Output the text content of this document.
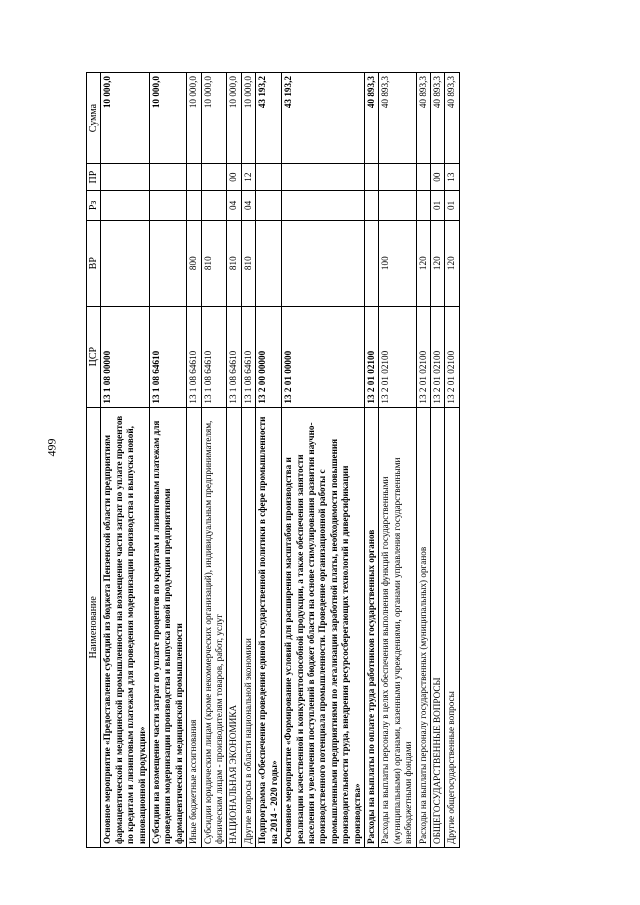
499
Наименование	ЦСР	ВР	Рз	ПР	Сумма
Основное мероприятие «Предоставление субсидий из бюджета Пензенской области предприятиям фармацевтической и медицинской промышленности на возмещение части затрат по уплате процентов по кредитам и лизинговым платежам для проведения модернизации производства и выпуска новой, инновационной продукции»	13 1 08 00000				10 000,0
Субсидии на возмещение части затрат по уплате процентов по кредитам и лизинговым платежам для проведения модернизации производства и выпуска новой продукции предприятиями фармацевтической и медицинской промышленности	13 1 08 64610				10 000,0
Иные бюджетные ассигнования	13 1 08 64610	800			10 000,0
Субсидии юридическим лицам (кроме некоммерческих организаций), индивидуальным предпринимателям, физическим лицам - производителям товаров, работ, услуг	13 1 08 64610	810			10 000,0
НАЦИОНАЛЬНАЯ ЭКОНОМИКА	13 1 08 64610	810	04	00	10 000,0
Другие вопросы в области национальной экономики	13 1 08 64610	810	04	12	10 000,0
Подпрограмма «Обеспечение проведения единой государственной политики в сфере промышленности на 2014 - 2020 годы»	13 2 00 00000				43 193,2
Основное мероприятие «Формирование условий для расширения масштабов производства и реализации качественной и конкурентоспособной продукции, а также обеспечения занятости населения и увеличения поступлений в бюджет области на основе стимулирования развития научно-производственного потенциала промышленности. Проведение организационной работы с промышленными предприятиями по легализации заработной платы, необходимости повышения производительности труда, внедрения ресурсосберегающих технологий и диверсификации производства»	13 2 01 00000				43 193,2
Расходы на выплаты по оплате труда работников государственных органов	13 2 01 02100				40 893,3
Расходы на выплаты персоналу в целях обеспечения выполнения функций государственными (муниципальными) органами, казенными учреждениями, органами управления государственными внебюджетными фондами	13 2 01 02100	100			40 893,3
Расходы на выплаты персоналу государственных (муниципальных) органов	13 2 01 02100	120			40 893,3
ОБЩЕГОСУДАРСТВЕННЫЕ ВОПРОСЫ	13 2 01 02100	120	01	00	40 893,3
Другие общегосударственные вопросы	13 2 01 02100	120	01	13	40 893,3
